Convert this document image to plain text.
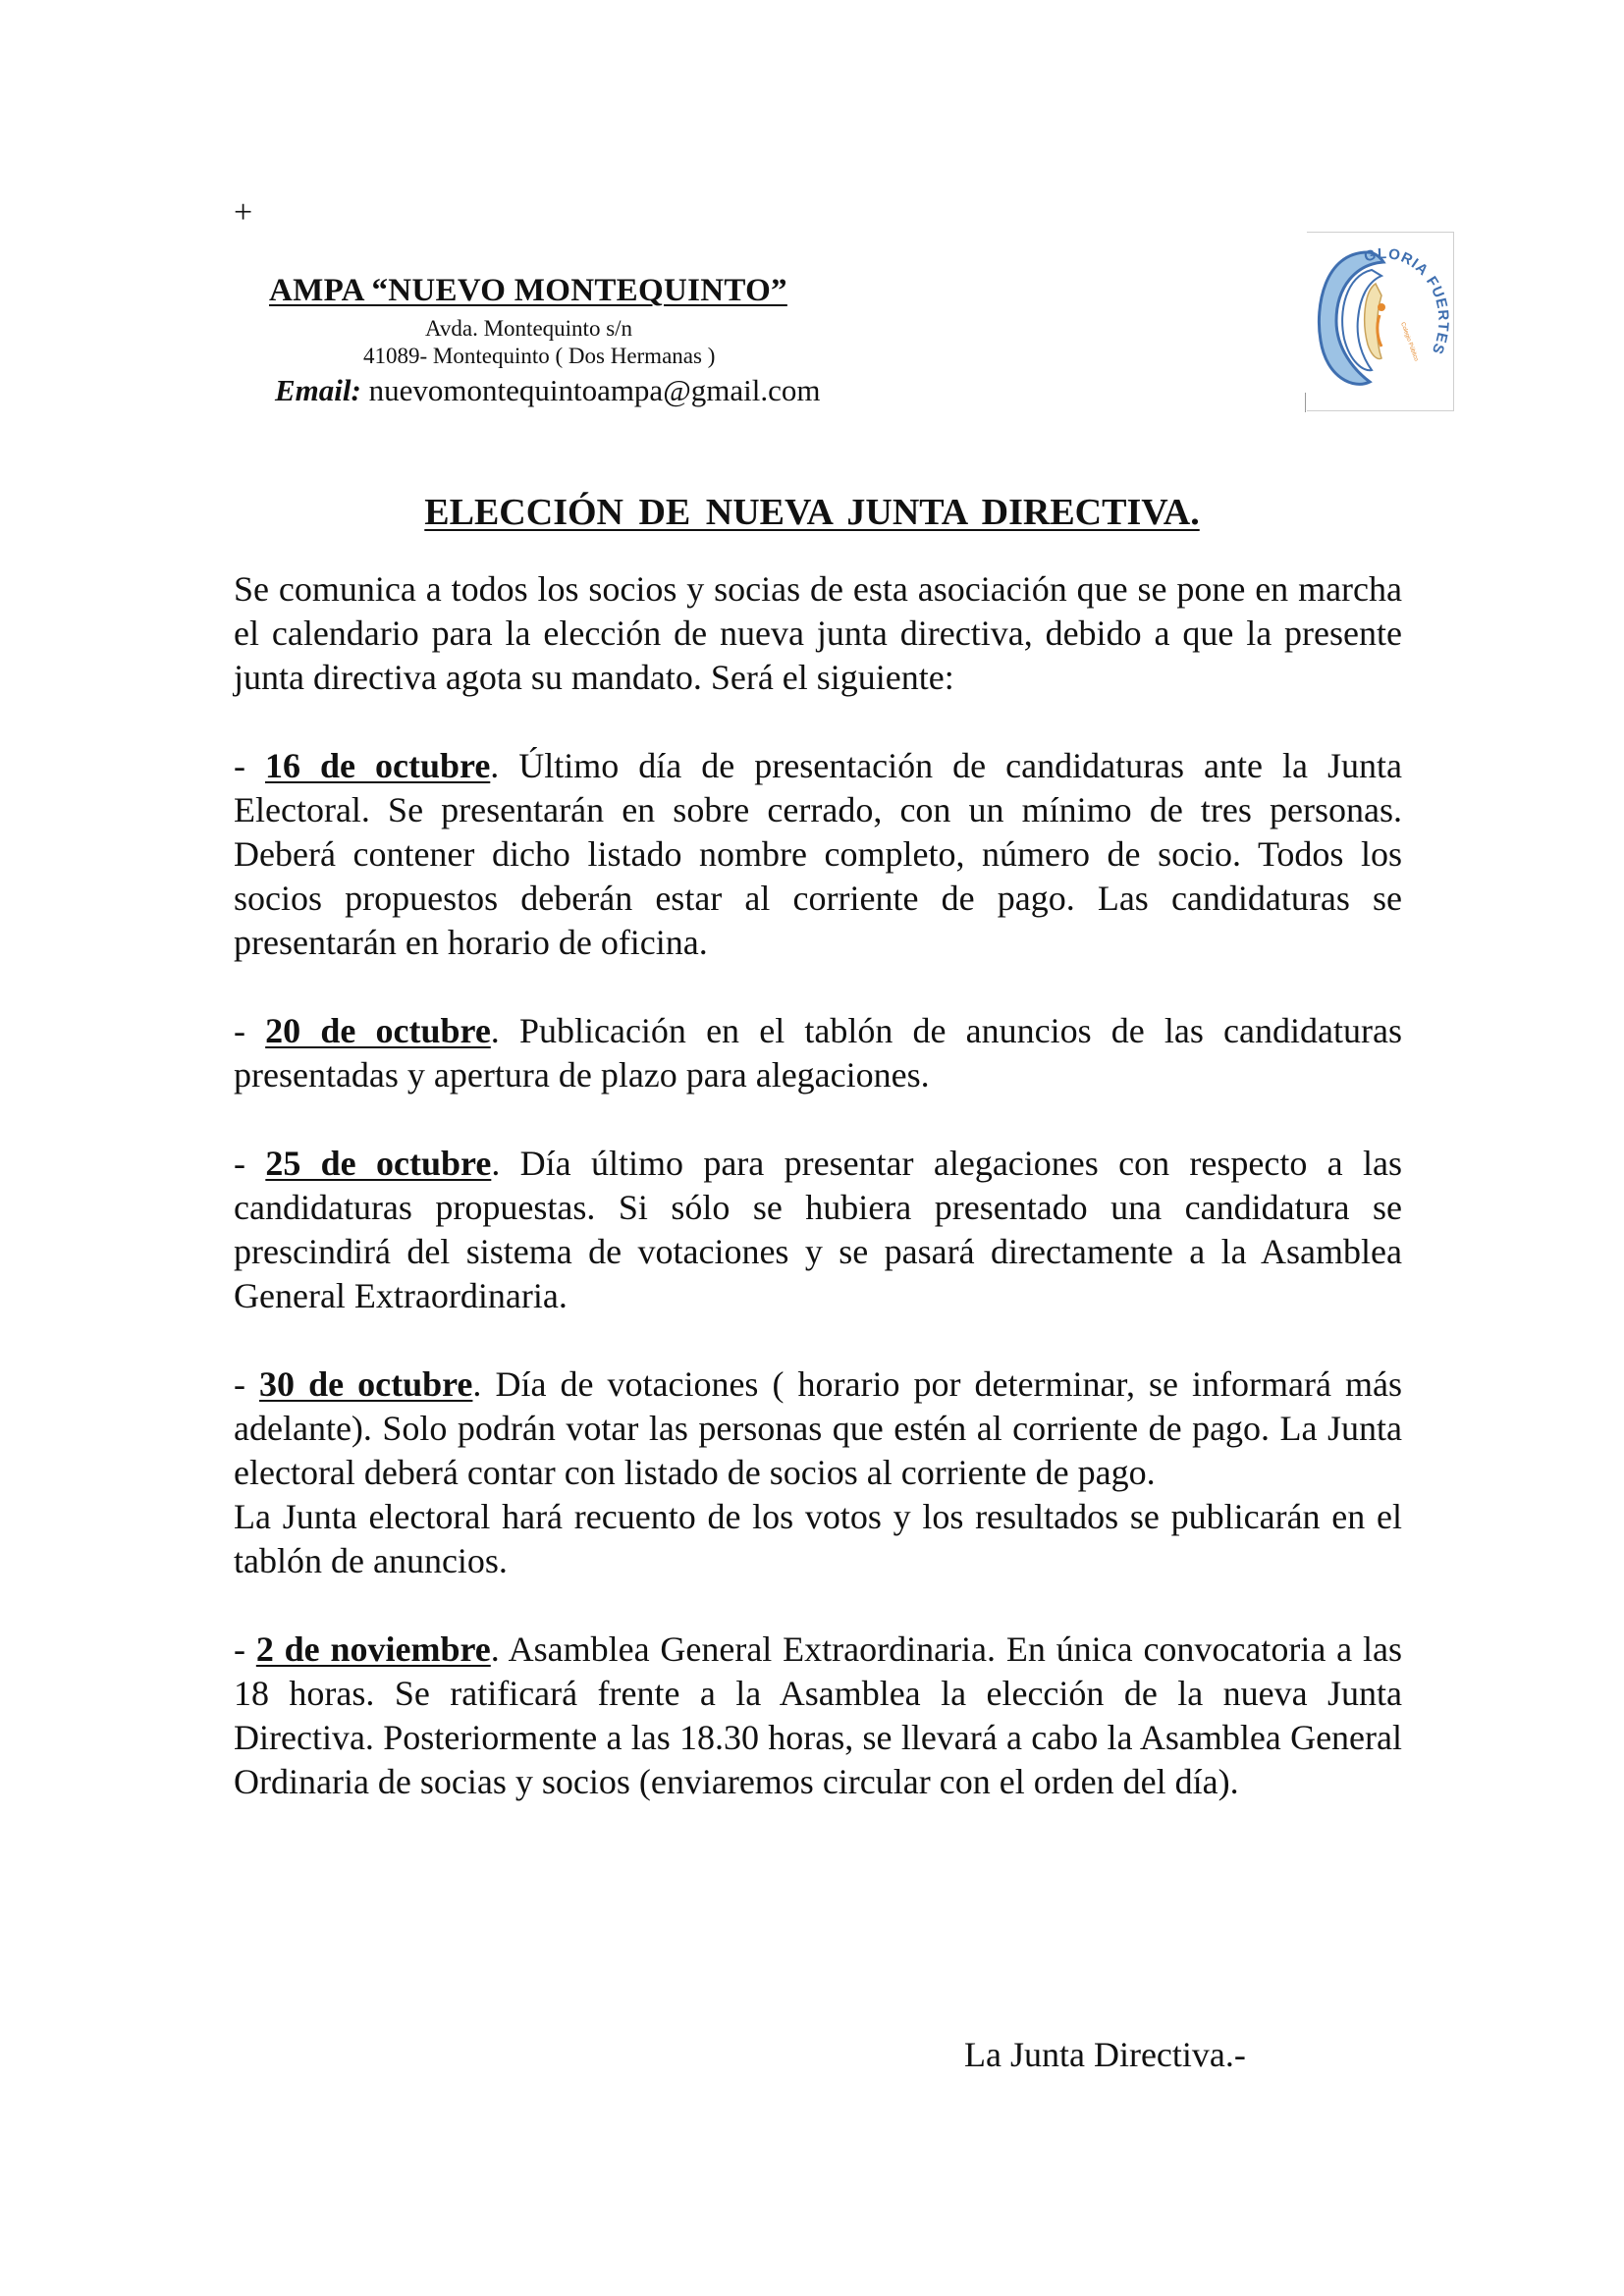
+
AMPA “NUEVO MONTEQUINTO”
Avda. Montequinto s/n
41089- Montequinto ( Dos Hermanas )
Email: nuevomontequintoampa@gmail.com
GLORIA FUERTES
Colegio Público
ELECCIÓN DE NUEVA JUNTA DIRECTIVA.

Se comunica a todos los socios y socias de esta asociación que se pone en marcha el calendario para la elección de nueva junta directiva, debido a que la presente junta directiva agota su mandato. Será el siguiente:

- 16 de octubre. Último día de presentación de candidaturas ante la Junta Electoral. Se presentarán en sobre cerrado, con un mínimo de tres personas. Deberá contener dicho listado nombre completo, número de socio. Todos los socios propuestos deberán estar al corriente de pago. Las candidaturas se presentarán en horario de oficina.

- 20 de octubre. Publicación en el tablón de anuncios de las candidaturas presentadas y apertura de plazo para alegaciones.

- 25 de octubre. Día último para presentar alegaciones con respecto a las candidaturas propuestas. Si sólo se hubiera presentado una candidatura se prescindirá del sistema de votaciones y se pasará directamente a la Asamblea General Extraordinaria.

- 30 de octubre. Día de votaciones ( horario por determinar, se informará más adelante). Solo podrán votar las personas que estén al corriente de pago. La Junta electoral deberá contar con listado de socios al corriente de pago.

La Junta electoral hará recuento de los votos y los resultados se publicarán en el tablón de anuncios.

- 2 de noviembre. Asamblea General Extraordinaria. En única convocatoria a las 18 horas. Se ratificará frente a la Asamblea la elección de la nueva Junta Directiva. Posteriormente a las 18.30 horas, se llevará a cabo la Asamblea General Ordinaria de socias y socios (enviaremos circular con el orden del día).

La Junta Directiva.-
